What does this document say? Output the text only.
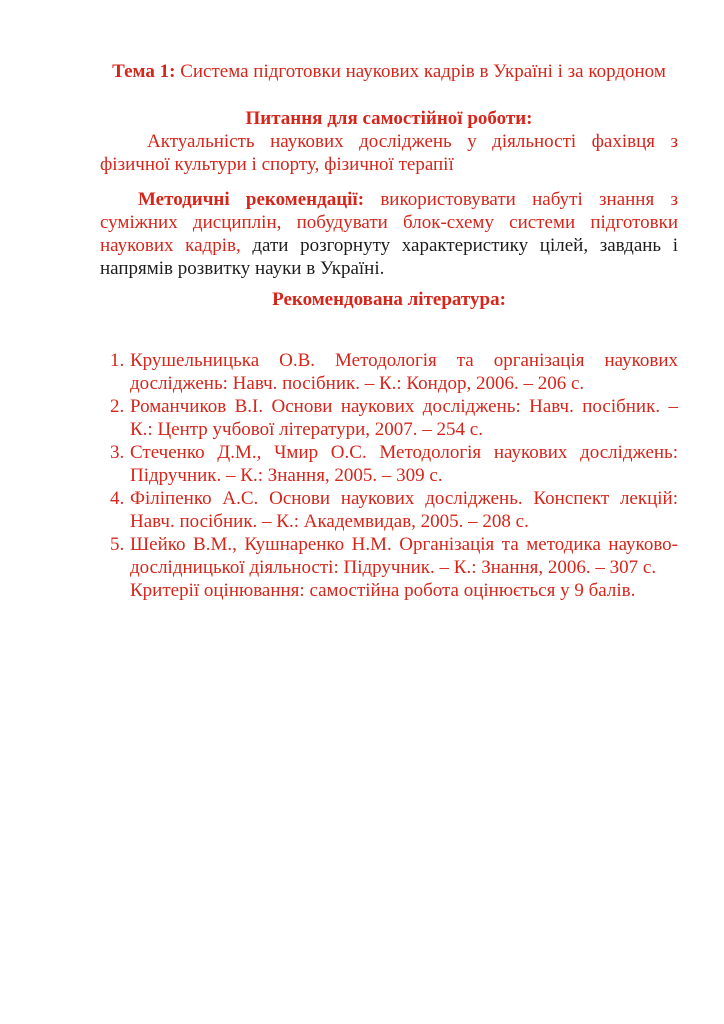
Тема 1: Система підготовки наукових кадрів в Україні і за кордоном

Питання для самостійної роботи:

Актуальність наукових досліджень у діяльності фахівця з фізичної культури і спорту, фізичної терапії

Методичні рекомендації: використовувати набуті знання з суміжних дисциплін, побудувати блок-схему системи підготовки наукових кадрів, дати розгорнуту характеристику цілей, завдань і напрямів розвитку науки в Україні.

Рекомендована література:

1. Крушельницька О.В. Методологія та організація наукових досліджень: Навч. посібник. – К.: Кондор, 2006. – 206 с.
2. Романчиков В.І. Основи наукових досліджень: Навч. посібник. – К.: Центр учбової літератури, 2007. – 254 с.
3. Стеченко Д.М., Чмир О.С. Методологія наукових досліджень: Підручник. – К.: Знання, 2005. – 309 с.
4. Філіпенко А.С. Основи наукових досліджень. Конспект лекцій: Навч. посібник. – К.: Академвидав, 2005. – 208 с.
5. Шейко В.М., Кушнаренко Н.М. Організація та методика науково-дослідницької діяльності: Підручник. – К.: Знання, 2006. – 307 с.
Критерії оцінювання: самостійна робота оцінюється у 9 балів.
